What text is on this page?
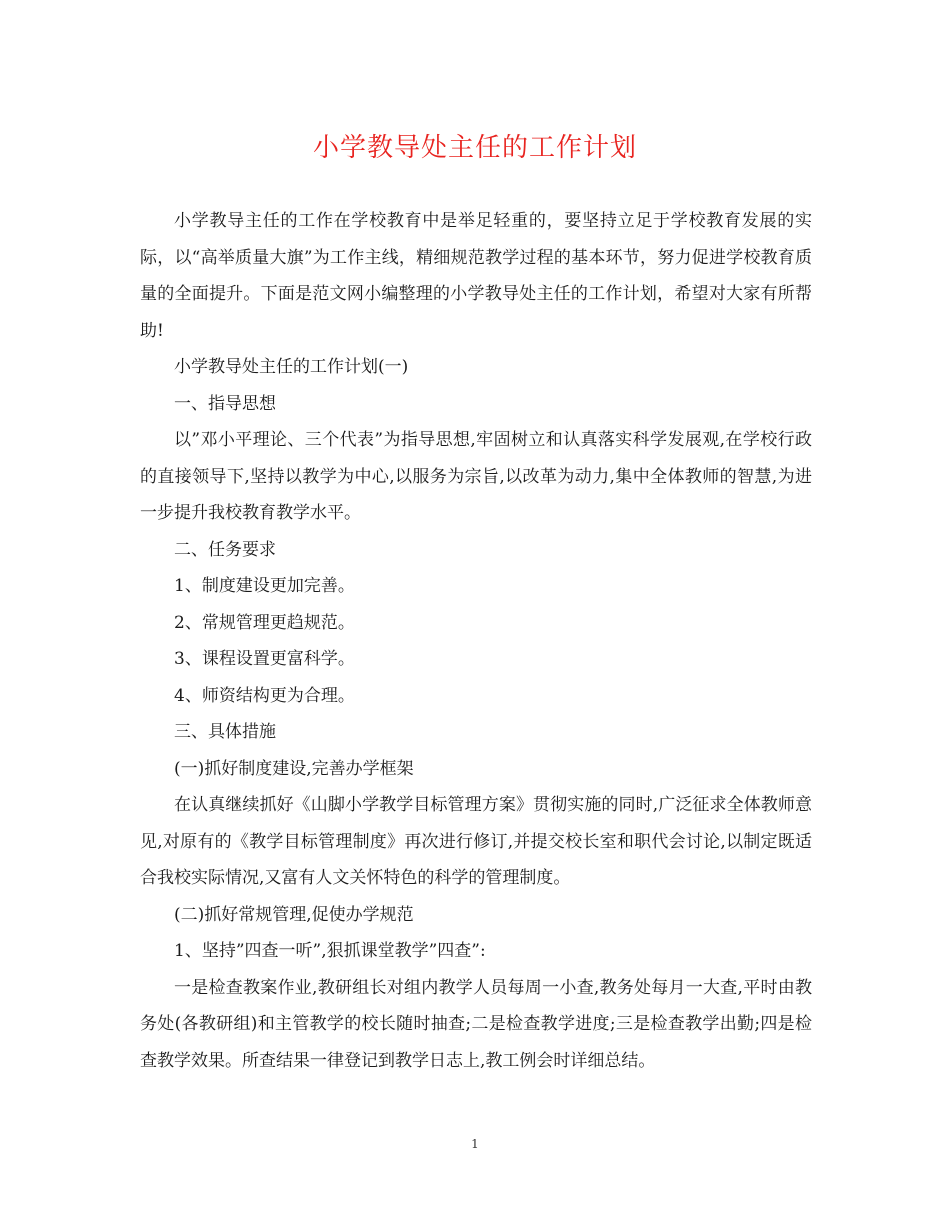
小学教导处主任的工作计划

小学教导主任的工作在学校教育中是举足轻重的，要坚持立足于学校教育发展的实际，以“高举质量大旗”为工作主线，精细规范教学过程的基本环节，努力促进学校教育质量的全面提升。下面是范文网小编整理的小学教导处主任的工作计划，希望对大家有所帮助!

小学教导处主任的工作计划(一)

一、指导思想

以”邓小平理论、三个代表”为指导思想,牢固树立和认真落实科学发展观,在学校行政的直接领导下,坚持以教学为中心,以服务为宗旨,以改革为动力,集中全体教师的智慧,为进一步提升我校教育教学水平。

二、任务要求

1、制度建设更加完善。

2、常规管理更趋规范。

3、课程设置更富科学。

4、师资结构更为合理。

三、具体措施

(一)抓好制度建设,完善办学框架

在认真继续抓好《山脚小学教学目标管理方案》贯彻实施的同时,广泛征求全体教师意见,对原有的《教学目标管理制度》再次进行修订,并提交校长室和职代会讨论,以制定既适合我校实际情况,又富有人文关怀特色的科学的管理制度。

(二)抓好常规管理,促使办学规范

1、坚持”四查一听”,狠抓课堂教学”四查”:

一是检查教案作业,教研组长对组内教学人员每周一小查,教务处每月一大查,平时由教务处(各教研组)和主管教学的校长随时抽查;二是检查教学进度;三是检查教学出勤;四是检查教学效果。所查结果一律登记到教学日志上,教工例会时详细总结。

1
